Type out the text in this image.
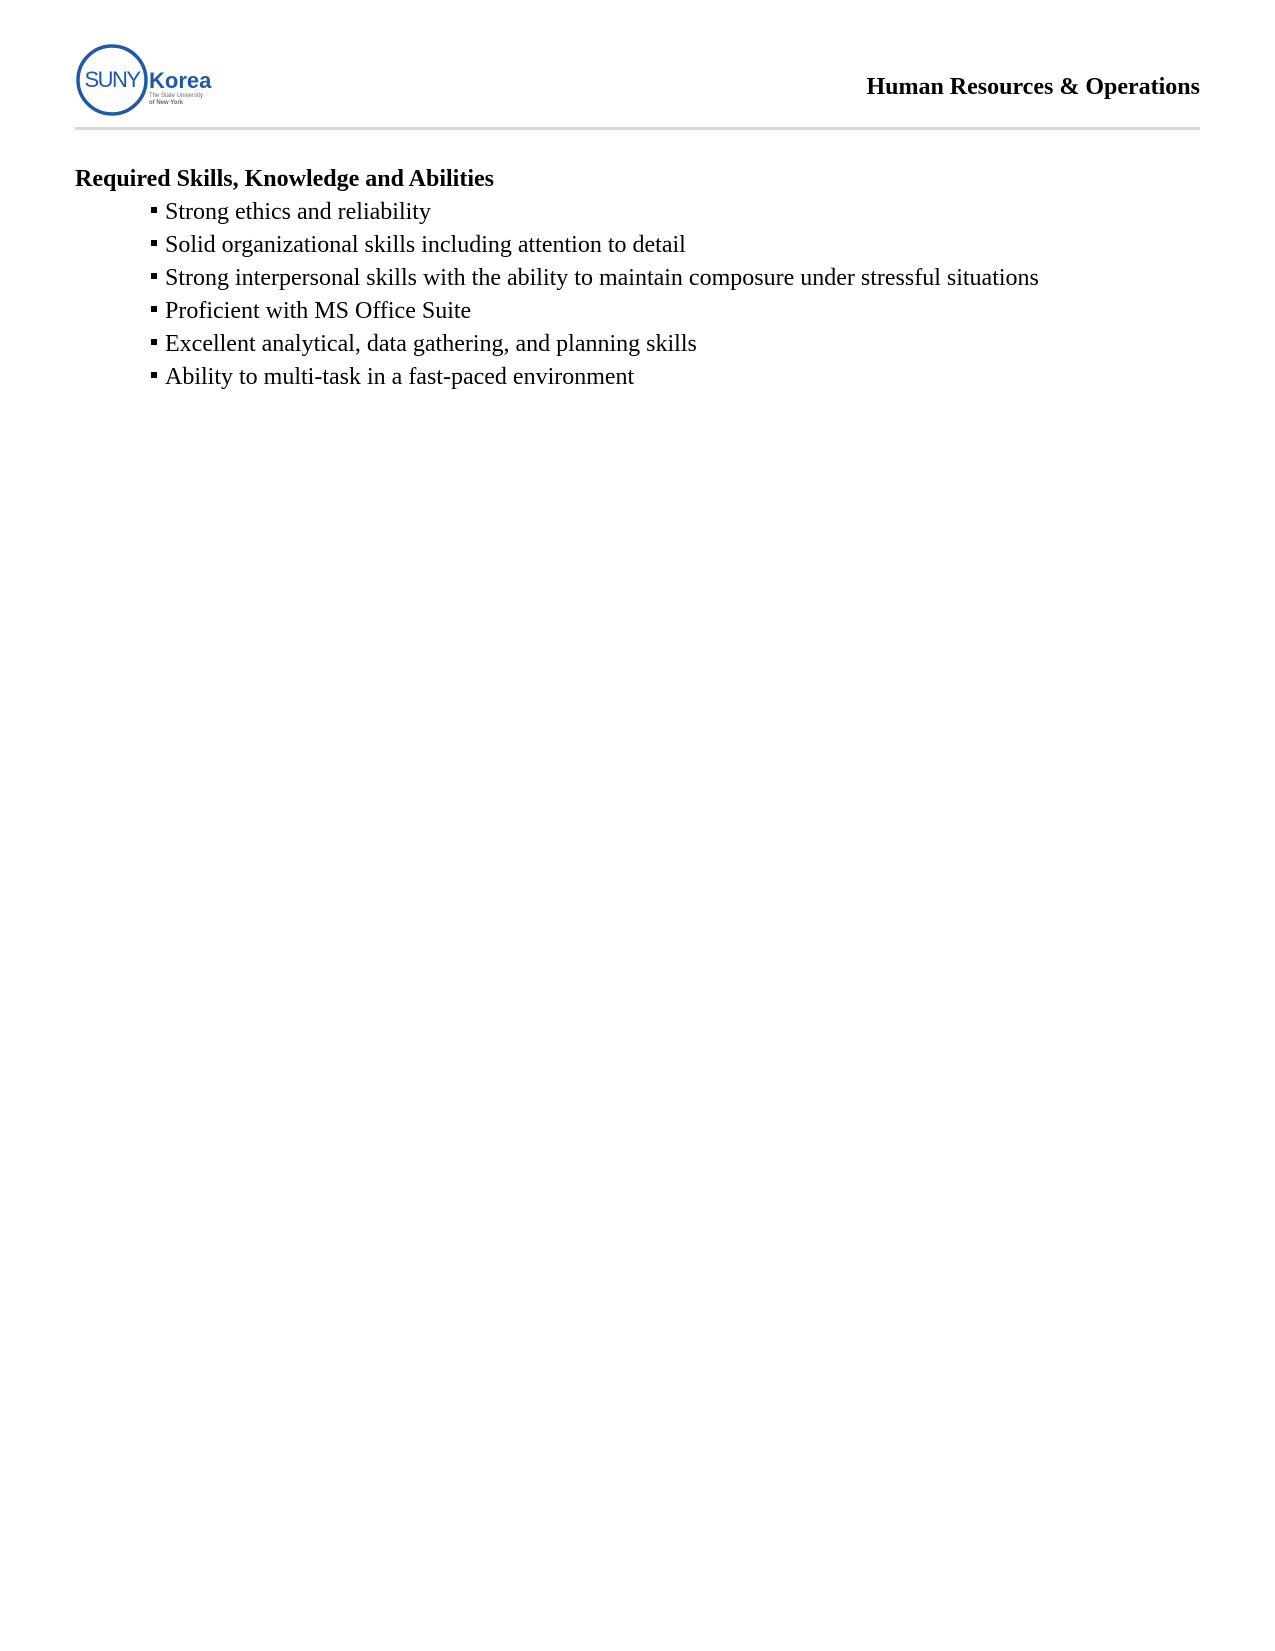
SUNY Korea
The State University
of New York
Human Resources & Operations
Required Skills, Knowledge and Abilities
Strong ethics and reliability
Solid organizational skills including attention to detail
Strong interpersonal skills with the ability to maintain composure under stressful situations
Proficient with MS Office Suite
Excellent analytical, data gathering, and planning skills
Ability to multi-task in a fast-paced environment
